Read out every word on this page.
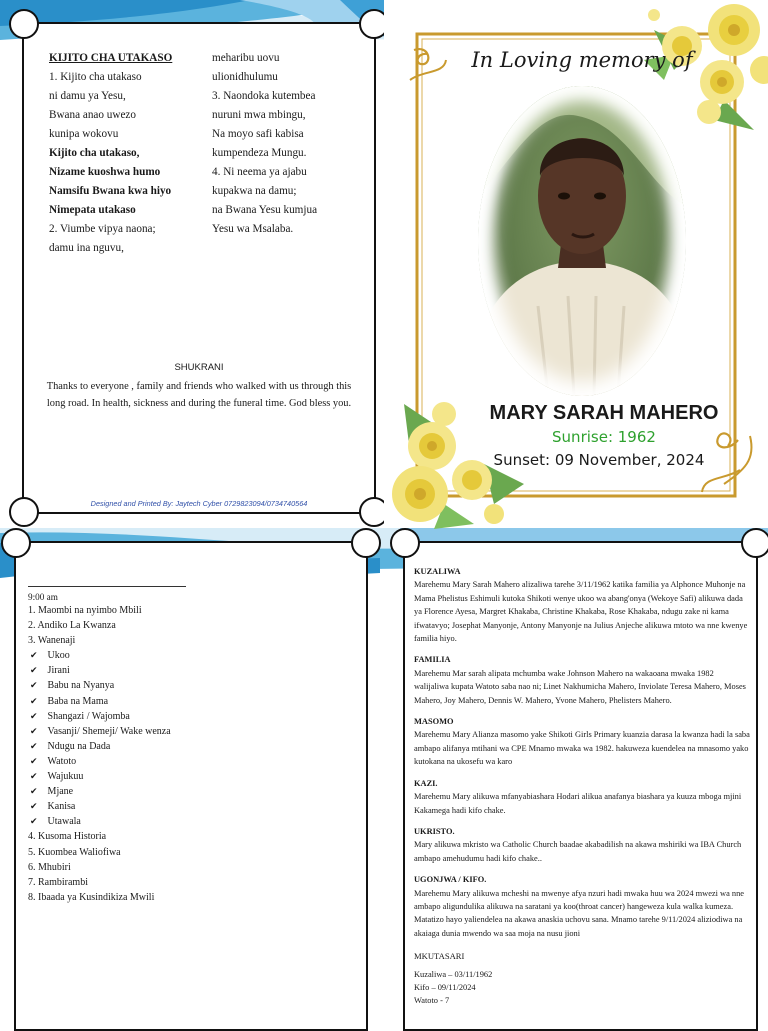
KIJITO CHA UTAKASO
1. Kijito cha utakaso
ni damu ya Yesu,
Bwana anao uwezo
kunipa wokovu
Kijito cha utakaso,
Nizame kuoshwa humo
Namsifu Bwana kwa hiyo
Nimepata utakaso
2. Viumbe vipya naona;
damu ina nguvu,
meharibu uovu
ulionidhulumu
3. Naondoka kutembea
nuruni mwa mbingu,
Na moyo safi kabisa
kumpendeza Mungu.
4. Ni neema ya ajabu
kupakwa na damu;
na Bwana Yesu kumjua
Yesu wa Msalaba.
SHUKRANI
Thanks to everyone , family and friends who walked with us through this long road. In health, sickness and during the funeral time. God bless you.
Designed and Printed By: Jaytech Cyber 0729823094/0734740564
In Loving memory of
MARY SARAH MAHERO
Sunrise: 1962
Sunset: 09 November, 2024
9:00 am
1. Maombi na nyimbo Mbili
2. Andiko La Kwanza
3. Wanenaji
✔ Ukoo
✔ Jirani
✔ Babu na Nyanya
✔ Baba na Mama
✔ Shangazi / Wajomba
✔ Vasanji/ Shemeji/ Wake wenza
✔ Ndugu na Dada
✔ Watoto
✔ Wajukuu
✔ Mjane
✔ Kanisa
✔ Utawala
4. Kusoma Historia
5. Kuombea Waliofiwa
6. Mhubiri
7. Rambirambi
8. Ibaada ya Kusindikiza Mwili
KUZALIWA
Marehemu Mary Sarah Mahero alizaliwa tarehe 3/11/1962 katika familia ya Alphonce Muhonje na Mama Phelistus Eshimuli kutoka Shikoti wenye ukoo wa abang'onya (Wekoye Safi) alikuwa dada ya Florence Ayesa, Margret Khakaba, Christine Khakaba, Rose Khakaba, ndugu zake ni kama ifwatavyo; Josephat Manyonje, Antony Manyonje na Julius Anjeche alikuwa mtoto wa nne kwenye familia hiyo.
FAMILIA
Marehemu Mar sarah alipata mchumba wake Johnson Mahero na wakaoana mwaka 1982 walijaliwa kupata Watoto saba nao ni; Linet Nakhumicha Mahero, Inviolate Teresa Mahero, Moses Mahero, Joy Mahero, Dennis W. Mahero, Yvone Mahero, Phelisters Mahero.
MASOMO
Marehemu Mary Alianza masomo yake Shikoti Girls Primary kuanzia darasa la kwanza hadi la saba ambapo alifanya mtihani wa CPE Mnamo mwaka wa 1982. hakuweza kuendelea na mnasomo yako kutokana na ukosefu wa karo
KAZI.
Marehemu Mary alikuwa mfanyabiashara Hodari alikua anafanya biashara ya kuuza mboga mjini Kakamega hadi kifo chake.
UKRISTO.
Mary alikuwa mkristo wa Catholic Church baadae akabadilish na akawa mshiriki wa IBA Church ambapo amehudumu hadi kifo chake..
UGONJWA / KIFO.
Marehemu Mary alikuwa mcheshi na mwenye afya nzuri hadi mwaka huu wa 2024 mwezi wa nne ambapo aligundulika alikuwa na saratani ya koo(throat cancer) hangeweza kula walka kumeza. Matatizo hayo yaliendelea na akawa anaskia uchovu sana. Mnamo tarehe 9/11/2024 aliziodiwa na akaiaga dunia mwendo wa saa moja na nusu jioni
MKUTASARI
Kuzaliwa – 03/11/1962
Kifo – 09/11/2024
Watoto - 7
